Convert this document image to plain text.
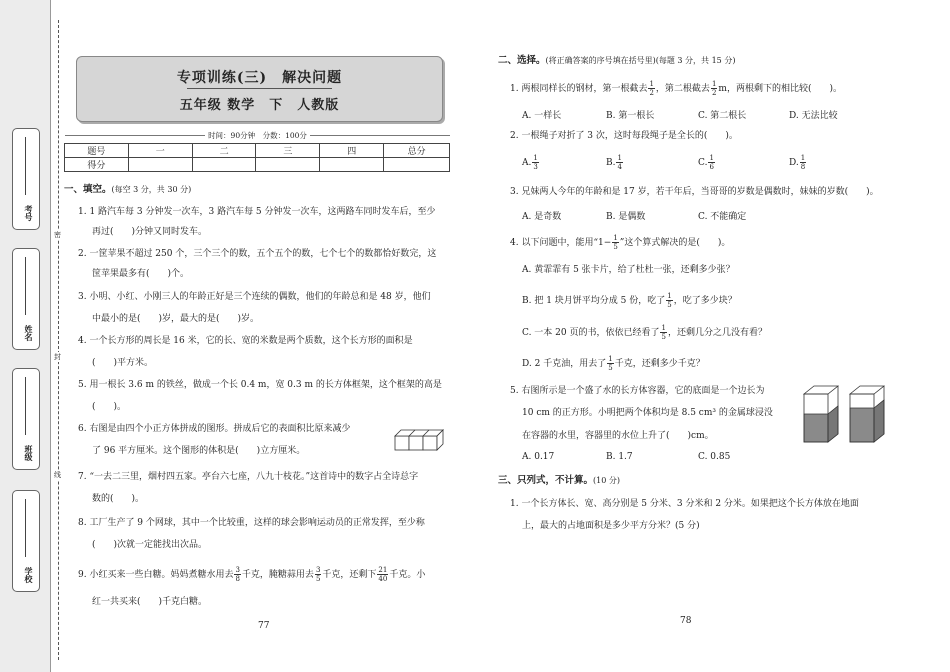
考号
姓名
班级
学校
密
封
线
专项训练(三)　解决问题
五年级 数学　下　人教版
时间：90分钟　分数：100分
题号	一	二	三	四	总分
得分					
一、填空。(每空 3 分，共 30 分)
1. 1 路汽车每 3 分钟发一次车，3 路汽车每 5 分钟发一次车，这两路车同时发车后，至少
再过(　　)分钟又同时发车。
2. 一筐苹果不超过 250 个，三个三个的数，五个五个的数，七个七个的数都恰好数完，这
筐苹果最多有(　　)个。
3. 小明、小红、小刚三人的年龄正好是三个连续的偶数，他们的年龄总和是 48 岁，他们
中最小的是(　　)岁，最大的是(　　)岁。
4. 一个长方形的周长是 16 米，它的长、宽的米数是两个质数，这个长方形的面积是
(　　)平方米。
5. 用一根长 3.6 m 的铁丝，做成一个长 0.4 m，宽 0.3 m 的长方体框架，这个框架的高是
(　　)。
6. 右图是由四个小正方体拼成的图形。拼成后它的表面积比原来减少
了 96 平方厘米。这个图形的体积是(　　)立方厘米。
7. “一去二三里，烟村四五家。亭台六七座，八九十枝花。”这首诗中的数字占全诗总字
数的(　　)。
8. 工厂生产了 9 个网球，其中一个比较重，这样的球会影响运动员的正常发挥，至少称
(　　)次就一定能找出次品。
9. 小红买来一些白糖。妈妈煮糖水用去 $\frac{3}{8}$ 千克，腌糖蒜用去 $\frac{3}{5}$ 千克，还剩下 $\frac{21}{40}$ 千克。小
红一共买来(　　)千克白糖。
77
二、选择。(将正确答案的序号填在括号里)(每题 3 分，共 15 分)
1. 两根同样长的钢材，第一根截去 $\frac{1}{2}$ ，第二根截去 $\frac{1}{2}$ m，两根剩下的相比较(　　)。
A. 一样长	B. 第一根长	C. 第二根长	D. 无法比较
2. 一根绳子对折了 3 次，这时每段绳子是全长的(　　)。
A. $\frac{1}{3}$	B. $\frac{1}{4}$	C. $\frac{1}{6}$	D. $\frac{1}{8}$
3. 兄妹两人今年的年龄和是 17 岁，若干年后，当哥哥的岁数是偶数时，妹妹的岁数(　　)。
A. 是奇数	B. 是偶数	C. 不能确定
4. 以下问题中，能用“$1- \frac{1}{5}$ ”这个算式解决的是(　　)。
A. 黄霏霏有 5 张卡片，给了杜杜一张，还剩多少张？
B. 把 1 块月饼平均分成 5 份，吃了 $\frac{1}{5}$ ，吃了多少块？
C. 一本 20 页的书，依依已经看了 $\frac{1}{5}$ ，还剩几分之几没有看？
D. 2 千克油，用去了 $\frac{1}{5}$ 千克，还剩多少千克？
5. 右图所示是一个盛了水的长方体容器，它的底面是一个边长为
10 cm 的正方形。小明把两个体积均是 8.5 cm³ 的金属球浸没
在容器的水里，容器里的水位上升了(　　)cm。
A. 0.17	B. 1.7	C. 0.85
三、只列式，不计算。(10 分)
1. 一个长方体长、宽、高分别是 5 分米、3 分米和 2 分米。如果把这个长方体放在地面
上，最大的占地面积是多少平方分米？(5 分)
78
